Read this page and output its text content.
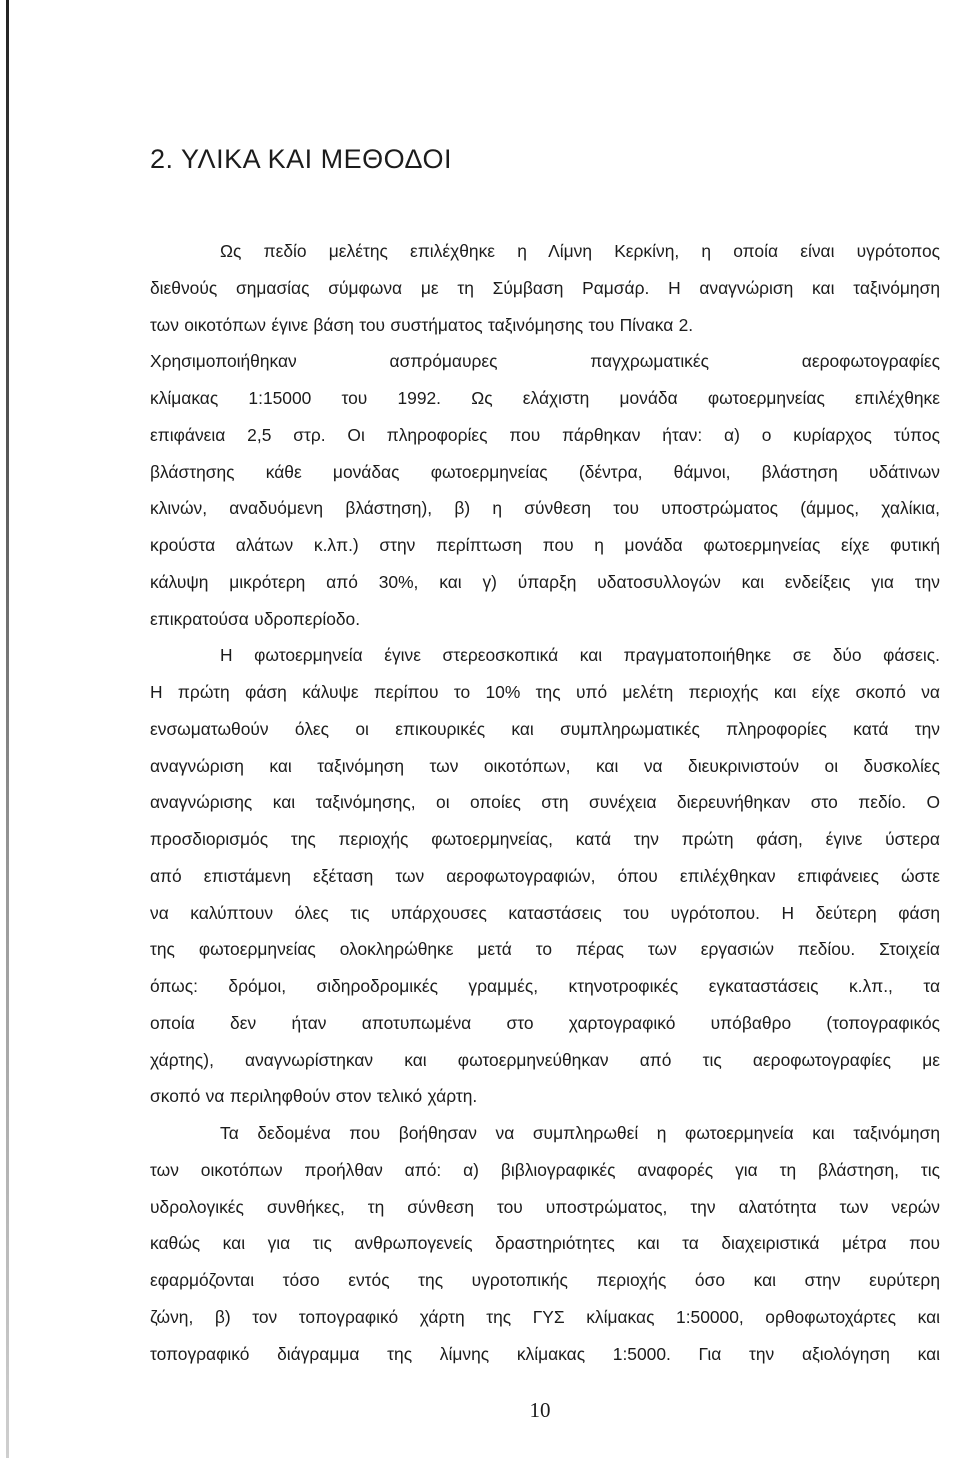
2. ΥΛΙΚΑ ΚΑΙ ΜΕΘΟΔΟΙ
Ως πεδίο μελέτης επιλέχθηκε η Λίμνη Κερκίνη, η οποία είναι υγρότοπος
διεθνούς σημασίας σύμφωνα με τη Σύμβαση Ραμσάρ. Η αναγνώριση και ταξινόμηση
των οικοτόπων έγινε βάση του συστήματος ταξινόμησης του Πίνακα 2.
Χρησιμοποιήθηκαν ασπρόμαυρες παγχρωματικές αεροφωτογραφίες
κλίμακας 1:15000 του 1992. Ως ελάχιστη μονάδα φωτοερμηνείας επιλέχθηκε
επιφάνεια 2,5 στρ. Οι πληροφορίες που πάρθηκαν ήταν: α) ο κυρίαρχος τύπος
βλάστησης κάθε μονάδας φωτοερμηνείας (δέντρα, θάμνοι, βλάστηση υδάτινων
κλινών, αναδυόμενη βλάστηση), β) η σύνθεση του υποστρώματος (άμμος, χαλίκια,
κρούστα αλάτων κ.λπ.) στην περίπτωση που η μονάδα φωτοερμηνείας είχε φυτική
κάλυψη μικρότερη από 30%, και γ) ύπαρξη υδατοσυλλογών και ενδείξεις για την
επικρατούσα υδροπερίοδο.
Η φωτοερμηνεία έγινε στερεοσκοπικά και πραγματοποιήθηκε σε δύο φάσεις.
Η πρώτη φάση κάλυψε περίπου το 10% της υπό μελέτη περιοχής και είχε σκοπό να
ενσωματωθούν όλες οι επικουρικές και συμπληρωματικές πληροφορίες κατά την
αναγνώριση και ταξινόμηση των οικοτόπων, και να διευκρινιστούν οι δυσκολίες
αναγνώρισης και ταξινόμησης, οι οποίες στη συνέχεια διερευνήθηκαν στο πεδίο. Ο
προσδιορισμός της περιοχής φωτοερμηνείας, κατά την πρώτη φάση, έγινε ύστερα
από επιστάμενη εξέταση των αεροφωτογραφιών, όπου επιλέχθηκαν επιφάνειες ώστε
να καλύπτουν όλες τις υπάρχουσες καταστάσεις του υγρότοπου. Η δεύτερη φάση
της φωτοερμηνείας ολοκληρώθηκε μετά το πέρας των εργασιών πεδίου. Στοιχεία
όπως: δρόμοι, σιδηροδρομικές γραμμές, κτηνοτροφικές εγκαταστάσεις κ.λπ., τα
οποία δεν ήταν αποτυπωμένα στο χαρτογραφικό υπόβαθρο (τοπογραφικός
χάρτης), αναγνωρίστηκαν και φωτοερμηνεύθηκαν από τις αεροφωτογραφίες με
σκοπό να περιληφθούν στον τελικό χάρτη.
Τα δεδομένα που βοήθησαν να συμπληρωθεί η φωτοερμηνεία και ταξινόμηση
των οικοτόπων προήλθαν από: α) βιβλιογραφικές αναφορές για τη βλάστηση, τις
υδρολογικές συνθήκες, τη σύνθεση του υποστρώματος, την αλατότητα των νερών
καθώς και για τις ανθρωπογενείς δραστηριότητες και τα διαχειριστικά μέτρα που
εφαρμόζονται τόσο εντός της υγροτοπικής περιοχής όσο και στην ευρύτερη
ζώνη, β) τον τοπογραφικό χάρτη της ΓΥΣ κλίμακας 1:50000, ορθοφωτοχάρτες και
τοπογραφικό διάγραμμα της λίμνης κλίμακας 1:5000. Για την αξιολόγηση και
10
